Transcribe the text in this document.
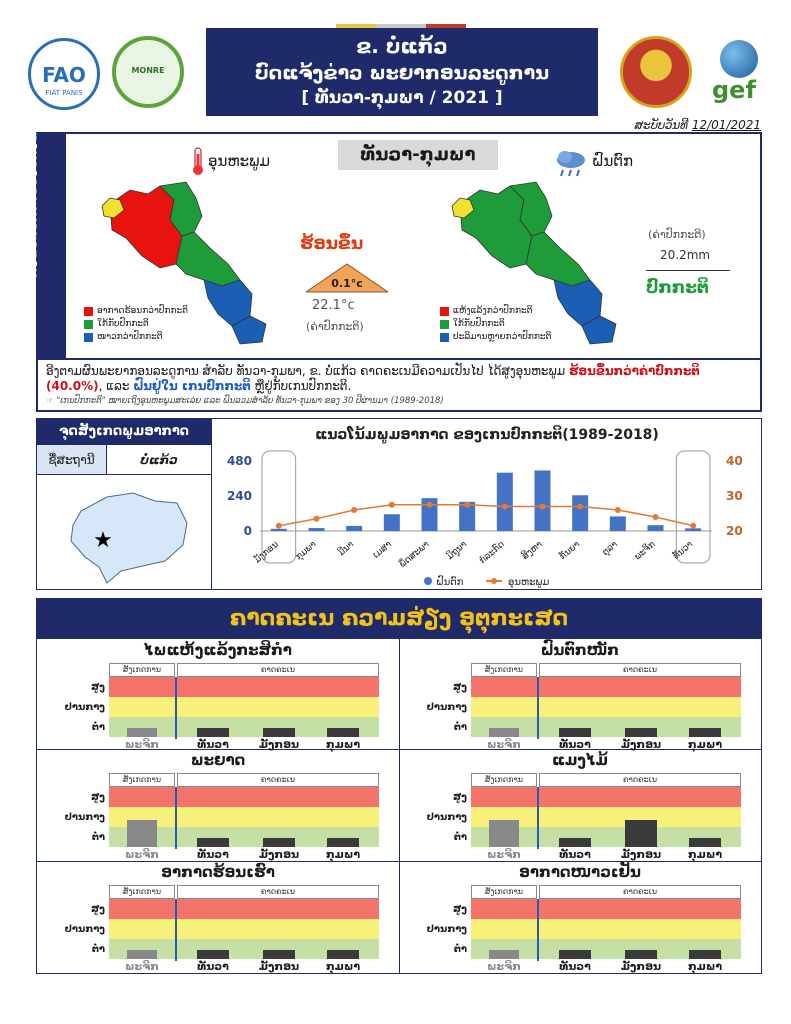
FAO
FIAT PANIS
MONRE
ຂ. ບໍ່ແກ້ວ
ບົດແຈ້ງຂ່າວ ພະຍາກອນລະດູການ
[ ທັນວາ-ກຸມພາ / 2021 ]	gef
ສະບັບວັນທີ 12/01/2021
ການຄາດຄະເນລະດູການ	ທັນວາ-ກຸມພາ
ອຸນຫະພູມ	ຝົນຕົກ
ອາກາດຮ້ອນກວ່າປົກກະຕິ
ໃກ້ກັບປົກກະຕິ
ໜາວກວ່າປົກກະຕິ
ຮ້ອນຂຶ້ນ
0.1°c
22.1°c
(ຄ່າປົກກະຕິ)
ແຫ້ງແລ້ງກວ່າປົກກະຕິ
ໃກ້ກັບປົກກະຕິ
ປະລິມານຫຼາຍກວ່າປົກກະຕິ
(ຄ່າປົກກະຕິ)
20.2mm
ປົກກະຕິ
ອີງຕາມຜົນພະຍາກອນລະດູການ ສໍາລັບ ທັນວາ-ກຸມພາ, ຂ. ບໍ່ແກ້ວ ຄາດຄະເນມີຄວາມເປັນໄປ ໄດ້ສູງອຸນຫະພູມ ຮ້ອນຂຶ້ນກວ່າຄ່າປົກກະຕິ (40.0%), ແລະ ຝົນຢູ່ໃນ ເກນປົກກະຕິ ຫຼືຢູ່ກັບເກນປົກກະຕິ.
☞ "ເກນປົກກະຕິ" ໝາຍເຖິງອຸນຫະພູມສະເລ່ຍ ແລະ ຝົນລວມສໍາລັບ ທັນວາ-ກຸມພາ ຂອງ 30 ປີຜ່ານມາ (1989-2018)
ຈຸດສັງເກດພູມອາກາດ
ຊື່ສະຖານີ	ບໍ່ແກ້ວ
★
ແນວໂນ້ມພູມອາກາດ ຂອງເກນປົກກະຕິ(1989-2018)
0
240
480
20
30
40
ມັງກອນ ກຸມພາ ມີນາ ເມສາ ພຶດສະພາ ມິຖຸນາ ກໍລະກົດ ສິງຫາ ກັນຍາ ຕຸລາ ພະຈິກ ທັນວາ
ຝົນຕົກ	ອຸນຫະພູມ
ຄາດຄະເນ ຄວາມສ່ຽງ ອຸຕຸກະເສດ
ໄພແຫ້ງແລ້ງກະສິກໍາ
ສູງ
ປານກາງ
ຕ່ຳ
ສັງເກດການ	ຄາດຄະເນ
ພະຈິກ	ທັນວາ	ມັງກອນ	ກຸມພາ
ຝົນຕົກໜັກ
ສູງ
ປານກາງ
ຕ່ຳ
ສັງເກດການ	ຄາດຄະເນ
ພະຈິກ	ທັນວາ	ມັງກອນ	ກຸມພາ
ພະຍາດ
ສູງ
ປານກາງ
ຕ່ຳ
ສັງເກດການ	ຄາດຄະເນ
ພະຈິກ	ທັນວາ	ມັງກອນ	ກຸມພາ
ແມງໄມ້
ສູງ
ປານກາງ
ຕ່ຳ
ສັງເກດການ	ຄາດຄະເນ
ພະຈິກ	ທັນວາ	ມັງກອນ	ກຸມພາ
ອາກາດຮ້ອນເຮົາ
ສູງ
ປານກາງ
ຕ່ຳ
ສັງເກດການ	ຄາດຄະເນ
ພະຈິກ	ທັນວາ	ມັງກອນ	ກຸມພາ
ອາກາດໜາວເຢັນ
ສູງ
ປານກາງ
ຕ່ຳ
ສັງເກດການ	ຄາດຄະເນ
ພະຈິກ	ທັນວາ	ມັງກອນ	ກຸມພາ
